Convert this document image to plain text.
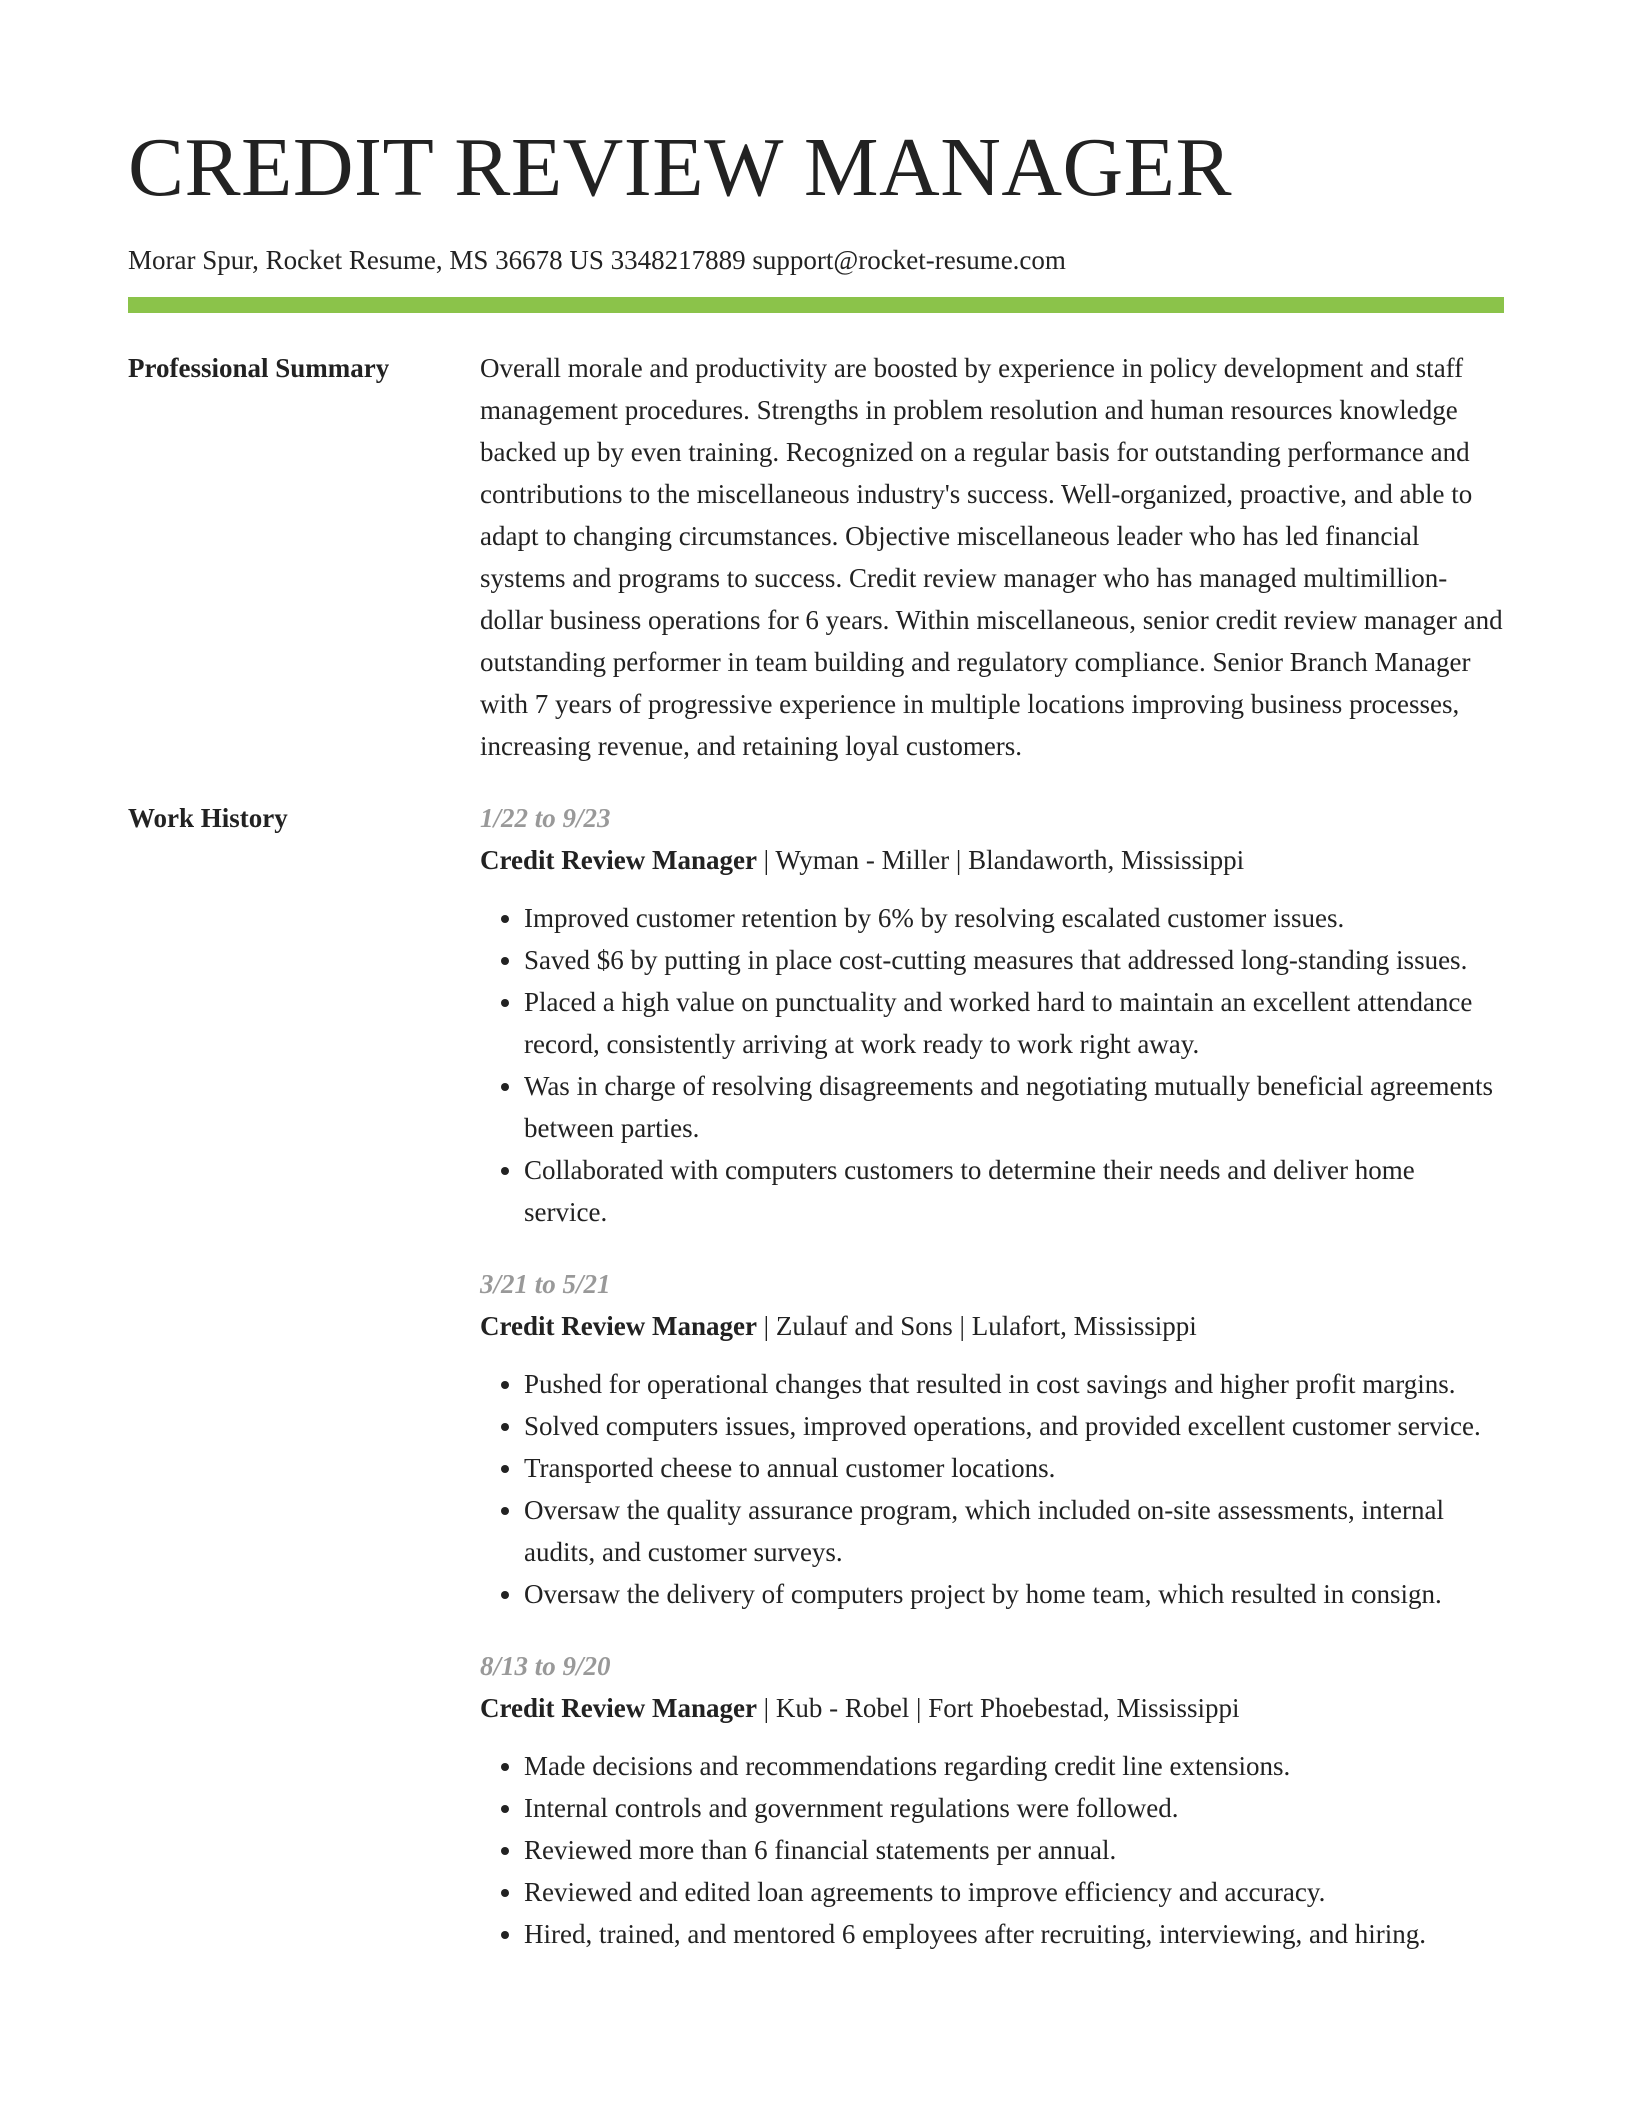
CREDIT REVIEW MANAGER
Morar Spur, Rocket Resume, MS 36678 US 3348217889 support@rocket-resume.com
Professional Summary	Overall morale and productivity are boosted by experience in policy development and staff management procedures. Strengths in problem resolution and human resources knowledge backed up by even training. Recognized on a regular basis for outstanding performance and contributions to the miscellaneous industry's success. Well-organized, proactive, and able to adapt to changing circumstances. Objective miscellaneous leader who has led financial systems and programs to success. Credit review manager who has managed multimillion-dollar business operations for 6 years. Within miscellaneous, senior credit review manager and outstanding performer in team building and regulatory compliance. Senior Branch Manager with 7 years of progressive experience in multiple locations improving business processes, increasing revenue, and retaining loyal customers.

Work History	1/22 to 9/23
Credit Review Manager | Wyman - Miller | Blandaworth, Mississippi
• Improved customer retention by 6% by resolving escalated customer issues.
• Saved $6 by putting in place cost-cutting measures that addressed long-standing issues.
• Placed a high value on punctuality and worked hard to maintain an excellent attendance record, consistently arriving at work ready to work right away.
• Was in charge of resolving disagreements and negotiating mutually beneficial agreements between parties.
• Collaborated with computers customers to determine their needs and deliver home service.
3/21 to 5/21
Credit Review Manager | Zulauf and Sons | Lulafort, Mississippi
• Pushed for operational changes that resulted in cost savings and higher profit margins.
• Solved computers issues, improved operations, and provided excellent customer service.
• Transported cheese to annual customer locations.
• Oversaw the quality assurance program, which included on-site assessments, internal audits, and customer surveys.
• Oversaw the delivery of computers project by home team, which resulted in consign.
8/13 to 9/20
Credit Review Manager | Kub - Robel | Fort Phoebestad, Mississippi
• Made decisions and recommendations regarding credit line extensions.
• Internal controls and government regulations were followed.
• Reviewed more than 6 financial statements per annual.
• Reviewed and edited loan agreements to improve efficiency and accuracy.
• Hired, trained, and mentored 6 employees after recruiting, interviewing, and hiring.
